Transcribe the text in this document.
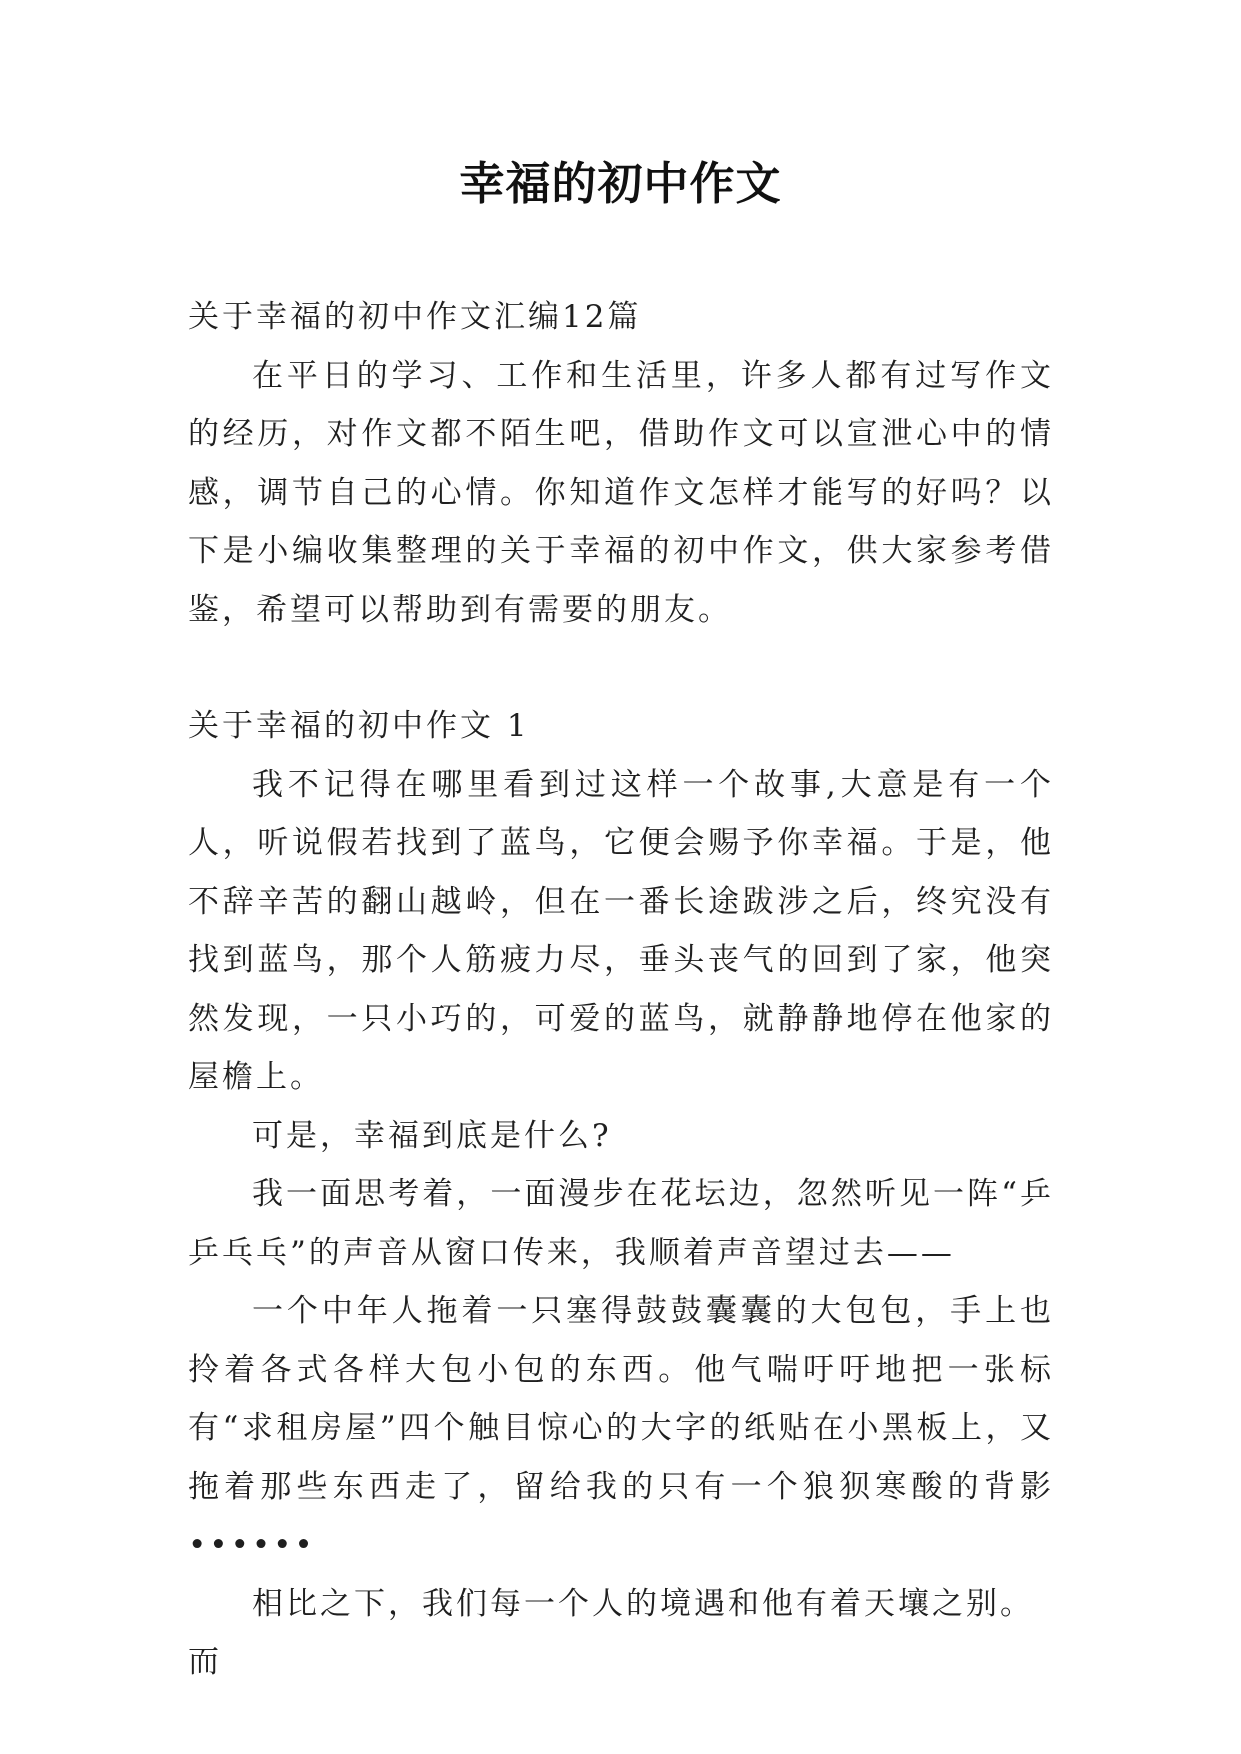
幸福的初中作文

关于幸福的初中作文汇编12篇

在平日的学习、工作和生活里，许多人都有过写作文的经历，对作文都不陌生吧，借助作文可以宣泄心中的情感，调节自己的心情。你知道作文怎样才能写的好吗？以下是小编收集整理的关于幸福的初中作文，供大家参考借鉴，希望可以帮助到有需要的朋友。

关于幸福的初中作文 1

我不记得在哪里看到过这样一个故事,大意是有一个人，听说假若找到了蓝鸟，它便会赐予你幸福。于是，他不辞辛苦的翻山越岭，但在一番长途跋涉之后，终究没有找到蓝鸟，那个人筋疲力尽，垂头丧气的回到了家，他突然发现，一只小巧的，可爱的蓝鸟，就静静地停在他家的屋檐上。

可是，幸福到底是什么?

我一面思考着，一面漫步在花坛边，忽然听见一阵“乒乒乓乓”的声音从窗口传来，我顺着声音望过去——

一个中年人拖着一只塞得鼓鼓囊囊的大包包，手上也拎着各式各样大包小包的东西。他气喘吁吁地把一张标有“求租房屋”四个触目惊心的大字的纸贴在小黑板上，又拖着那些东西走了，留给我的只有一个狼狈寒酸的背影••••••

相比之下，我们每一个人的境遇和他有着天壤之别。而
